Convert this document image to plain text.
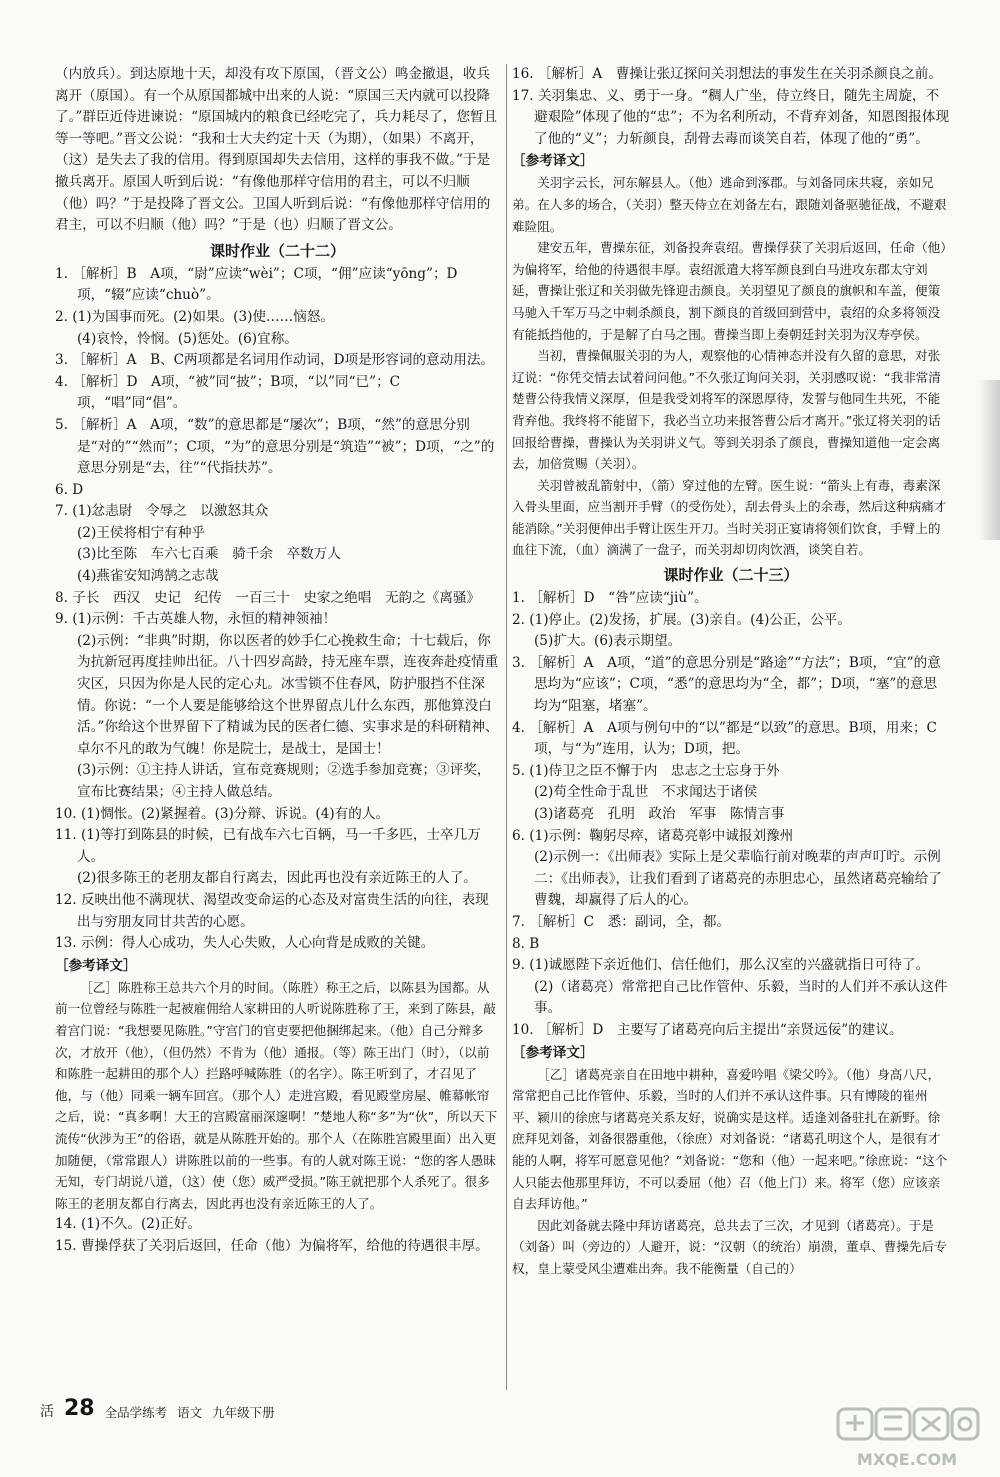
（内放兵）。到达原地十天，却没有攻下原国，（晋文公）鸣金撤退，收兵离开（原国）。有一个从原国都城中出来的人说：“原国三天内就可以投降了。”群臣近侍进谏说：“原国城内的粮食已经吃完了，兵力耗尽了，您暂且等一等吧。”晋文公说：“我和士大夫约定十天（为期），（如果）不离开，（这）是失去了我的信用。得到原国却失去信用，这样的事我不做。”于是撤兵离开。原国人听到后说：“有像他那样守信用的君主，可以不归顺（他）吗？”于是投降了晋文公。卫国人听到后说：“有像他那样守信用的君主，可以不归顺（他）吗？”于是（也）归顺了晋文公。
课时作业（二十二）
1. ［解析］B　A项，“尉”应读“wèi”；C项，“佣”应读“yōng”；D项，“辍”应读“chuò”。
2. (1)为国事而死。(2)如果。(3)使……恼怒。
(4)哀怜，怜悯。(5)惩处。(6)宜称。
3. ［解析］A　B、C两项都是名词用作动词，D项是形容词的意动用法。
4. ［解析］D　A项，“被”同“披”；B项，“以”同“已”；C项，“唱”同“倡”。
5. ［解析］A　A项，“数”的意思都是“屡次”；B项，“然”的意思分别是“对的”“然而”；C项，“为”的意思分别是“筑造”“被”；D项，“之”的意思分别是“去，往”“代指扶苏”。
6. D
7. (1)忿恚尉　令辱之　以激怒其众
(2)王侯将相宁有种乎
(3)比至陈　车六七百乘　骑千余　卒数万人
(4)燕雀安知鸿鹄之志哉
8. 子长　西汉　史记　纪传　一百三十　史家之绝唱　无韵之《离骚》
9. (1)示例：千古英雄人物，永恒的精神领袖！
(2)示例：“非典”时期，你以医者的妙手仁心挽救生命；十七载后，你为抗新冠再度挂帅出征。八十四岁高龄，持无座车票，连夜奔赴疫情重灾区，只因为你是人民的定心丸。冰雪锁不住春风，防护服挡不住深情。你说：“一个人要是能够给这个世界留点儿什么东西，那他算没白活。”你给这个世界留下了精诚为民的医者仁德、实事求是的科研精神、卓尔不凡的敢为气魄！你是院士，是战士，是国士！
(3)示例：①主持人讲话，宣布竞赛规则；②选手参加竞赛；③评奖，宣布比赛结果；④主持人做总结。
10. (1)惆怅。(2)紧握着。(3)分辩、诉说。(4)有的人。
11. (1)等打到陈县的时候，已有战车六七百辆，马一千多匹，士卒几万人。
(2)很多陈王的老朋友都自行离去，因此再也没有亲近陈王的人了。
12. 反映出他不满现状、渴望改变命运的心态及对富贵生活的向往，表现出与穷朋友同甘共苦的心愿。
13. 示例：得人心成功，失人心失败，人心向背是成败的关键。
［参考译文］
［乙］陈胜称王总共六个月的时间。（陈胜）称王之后，以陈县为国都。从前一位曾经与陈胜一起被雇佣给人家耕田的人听说陈胜称了王，来到了陈县，敲着宫门说：“我想要见陈胜。”守宫门的官吏要把他捆绑起来。（他）自己分辩多次，才放开（他），（但仍然）不肯为（他）通报。（等）陈王出门（时），（以前和陈胜一起耕田的那个人）拦路呼喊陈胜（的名字）。陈王听到了，才召见了他，与（他）同乘一辆车回宫。（那个人）走进宫殿，看见殿堂房屋、帷幕帐帘之后，说：“真多啊！大王的宫殿富丽深邃啊！”楚地人称“多”为“伙”，所以天下流传“伙涉为王”的俗语，就是从陈胜开始的。那个人（在陈胜宫殿里面）出入更加随便，（常常跟人）讲陈胜以前的一些事。有的人就对陈王说：“您的客人愚昧无知，专门胡说八道，（这）使（您）威严受损。”陈王就把那个人杀死了。很多陈王的老朋友都自行离去，因此再也没有亲近陈王的人了。
14. (1)不久。(2)正好。
15. 曹操俘获了关羽后返回，任命（他）为偏将军，给他的待遇很丰厚。
16. ［解析］A　曹操让张辽探问关羽想法的事发生在关羽杀颜良之前。
17. 关羽集忠、义、勇于一身。“稠人广坐，侍立终日，随先主周旋，不避艰险”体现了他的“忠”；不为名利所动，不背弃刘备，知恩图报体现了他的“义”；力斩颜良，刮骨去毒而谈笑自若，体现了他的“勇”。
［参考译文］
关羽字云长，河东解县人。（他）逃命到涿郡。与刘备同床共寝，亲如兄弟。在人多的场合，（关羽）整天侍立在刘备左右，跟随刘备驱驰征战，不避艰难险阻。
建安五年，曹操东征，刘备投奔袁绍。曹操俘获了关羽后返回，任命（他）为偏将军，给他的待遇很丰厚。袁绍派遣大将军颜良到白马进攻东郡太守刘延，曹操让张辽和关羽做先锋迎击颜良。关羽望见了颜良的旗帜和车盖，便策马驰入千军万马之中刺杀颜良，割下颜良的首级回到营中，袁绍的众多将领没有能抵挡他的，于是解了白马之围。曹操当即上奏朝廷封关羽为汉寿亭侯。
当初，曹操佩服关羽的为人，观察他的心情神态并没有久留的意思，对张辽说：“你凭交情去试着问问他。”不久张辽询问关羽，关羽感叹说：“我非常清楚曹公待我情义深厚，但是我受刘将军的深恩厚待，发誓与他同生共死，不能背弃他。我终将不能留下，我必当立功来报答曹公后才离开。”张辽将关羽的话回报给曹操，曹操认为关羽讲义气。等到关羽杀了颜良，曹操知道他一定会离去，加倍赏赐（关羽）。
关羽曾被乱箭射中，（箭）穿过他的左臂。医生说：“箭头上有毒，毒素深入骨头里面，应当割开手臂（的受伤处），刮去骨头上的余毒，然后这种病痛才能消除。”关羽便伸出手臂让医生开刀。当时关羽正宴请将领们饮食，手臂上的血往下流，（血）滴满了一盘子，而关羽却切肉饮酒，谈笑自若。
课时作业（二十三）
1. ［解析］D　“咎”应读“jiù”。
2. (1)停止。(2)发扬，扩展。(3)亲自。(4)公正，公平。
(5)扩大。(6)表示期望。
3. ［解析］A　A项，“道”的意思分别是“路途”“方法”；B项，“宜”的意思均为“应该”；C项，“悉”的意思均为“全，都”；D项，“塞”的意思均为“阻塞，堵塞”。
4. ［解析］A　A项与例句中的“以”都是“以致”的意思。B项，用来；C项，与“为”连用，认为；D项，把。
5. (1)侍卫之臣不懈于内　忠志之士忘身于外
(2)苟全性命于乱世　不求闻达于诸侯
(3)诸葛亮　孔明　政治　军事　陈情言事
6. (1)示例：鞠躬尽瘁，诸葛亮彰中诚报刘豫州
(2)示例一：《出师表》实际上是父辈临行前对晚辈的声声叮咛。示例二：《出师表》，让我们看到了诸葛亮的赤胆忠心，虽然诸葛亮输给了曹魏，却赢得了后人的心。
7. ［解析］C　悉：副词，全，都。
8. B
9. (1)诚愿陛下亲近他们、信任他们，那么汉室的兴盛就指日可待了。
(2)（诸葛亮）常常把自己比作管仲、乐毅，当时的人们并不承认这件事。
10. ［解析］D　主要写了诸葛亮向后主提出“亲贤远佞”的建议。
［参考译文］
［乙］诸葛亮亲自在田地中耕种，喜爱吟唱《梁父吟》。（他）身高八尺，常常把自己比作管仲、乐毅，当时的人们并不承认这件事。只有博陵的崔州平、颍川的徐庶与诸葛亮关系友好，说确实是这样。适逢刘备驻扎在新野。徐庶拜见刘备，刘备很器重他，（徐庶）对刘备说：“诸葛孔明这个人，是很有才能的人啊，将军可愿意见他？”刘备说：“您和（他）一起来吧。”徐庶说：“这个人只能去他那里拜访，不可以委屈（他）召（他上门）来。将军（您）应该亲自去拜访他。”
因此刘备就去隆中拜访诸葛亮，总共去了三次，才见到（诸葛亮）。于是（刘备）叫（旁边的）人避开，说：“汉朝（的统治）崩溃，董卓、曹操先后专权，皇上蒙受风尘遭难出奔。我不能衡量（自己的）
活 28 全品学练考 语文 九年级下册
MXQE.COM
